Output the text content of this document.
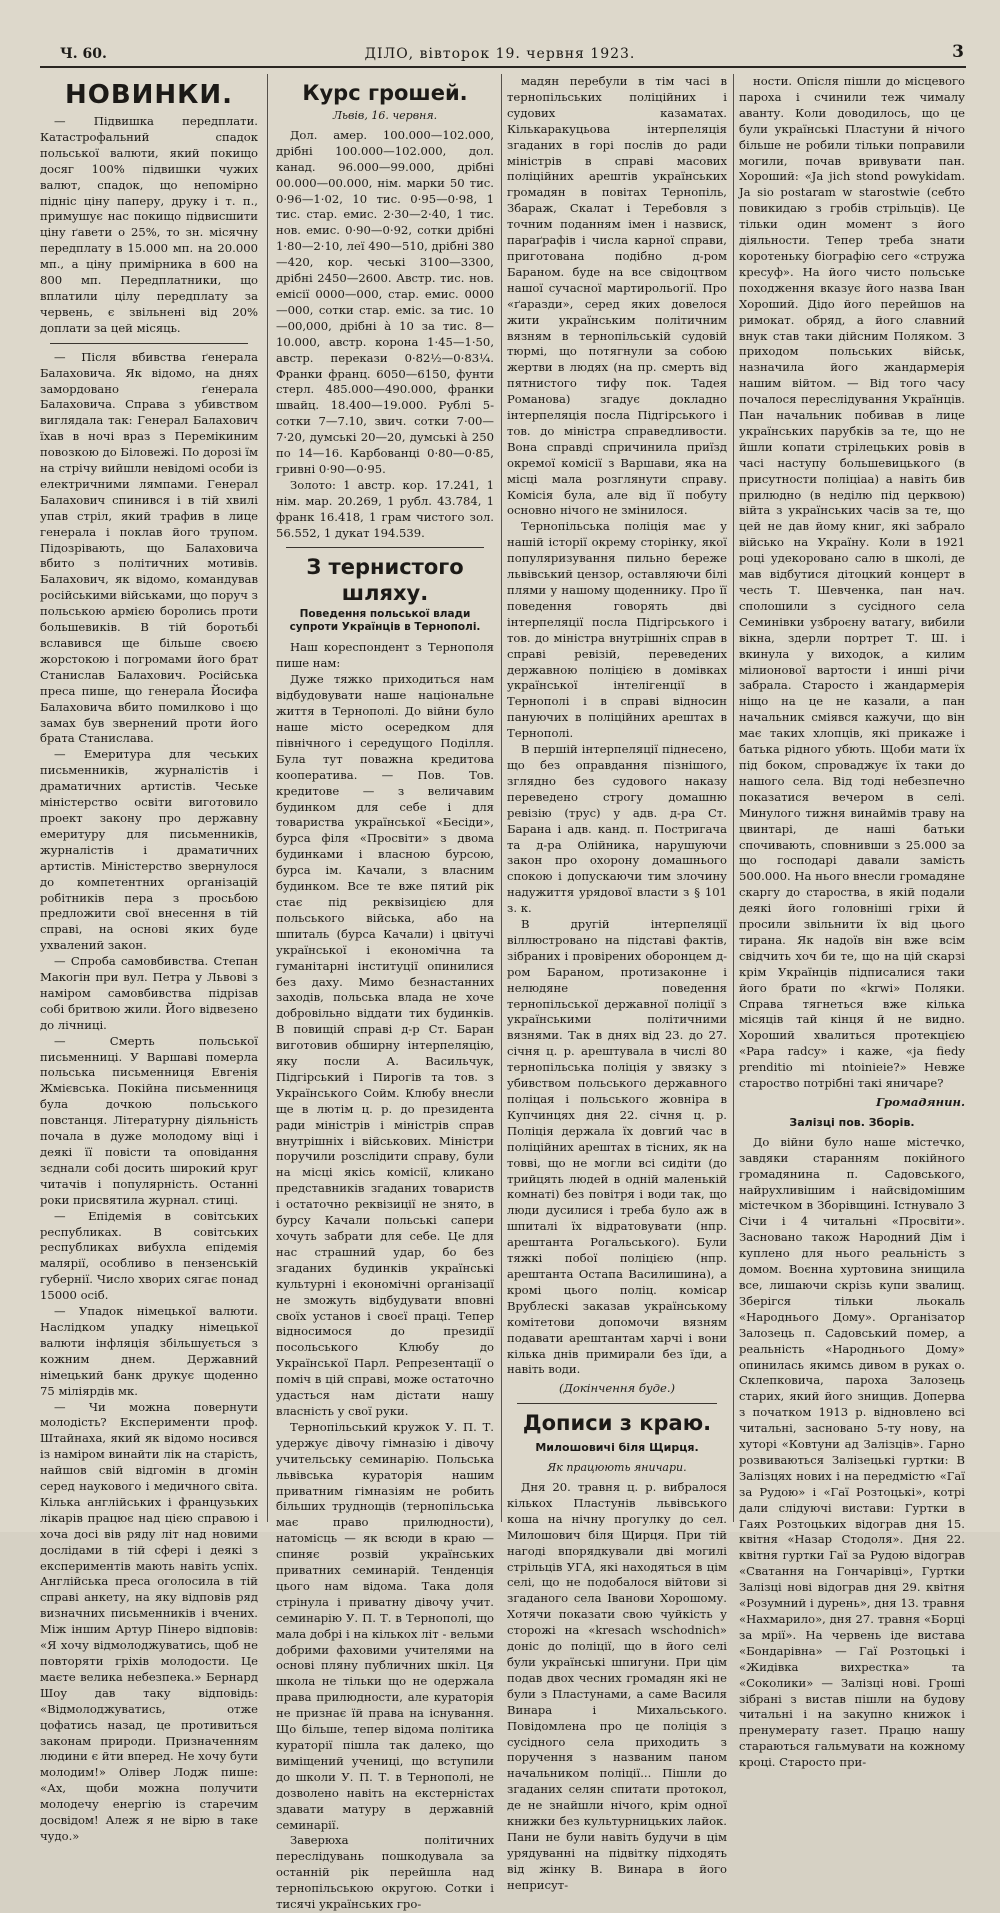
Ч. 60.	ДІЛО, вівторок 19. червня 1923.	3
НОВИНКИ.

— Підвишка передплати. Катастрофальний спадок польської валюти, який покищо досяг 100% підвишки чужих валют, спадок, що непомірно підніс ціну паперу, друку і т. п., примушує нас покищо підвисшити ціну ґавети о 25%, то зн. місячну передплату в 15.000 мп. на 20.000 мп., а ціну примірника в 600 на 800 мп. Передплатники, що вплатили цілу передплату за червень, є звільнені від 20% доплати за цей місяць.

— Після вбивства ґенерала Балаховича. Як відомо, на днях замордовано ґенерала Балаховича. Справа з убивством виглядала так: Генерал Балахович їхав в ночі враз з Перемікиним повозкою до Біловежі. По дорозі їм на стрічу вийшли невідомі особи із електричними лямпами. Генерал Балахович спинився і в тій хвилі упав стріл, який трафив в лице генерала і поклав його трупом. Підозрівають, що Балаховича вбито з політичних мотивів. Балахович, як відомо, командував російськими військами, що поруч з польською армією боролись проти большевиків. В тій боротьбі вславився ще більше своєю жорстокою і погромами його брат Станислав Балахович. Російська преса пише, що генерала Йосифа Балаховича вбито помилково і що замах був звернений проти його брата Станислава.

— Емеритура для чеських письменників, журналістів і драматичних артистів. Чеське міністерство освіти виготовило проект закону про державну емеритуру для письменників, журналістів і драматичних артистів. Міністерство звернулося до компетентних організацій робітників пера з просьбою предложити свої внесення в тій справі, на основі яких буде ухвалений закон.

— Спроба самовбивства. Степан Макогін при вул. Петра у Львові з наміром самовбивства підрізав собі бритвою жили. Його відвезено до лічниці.

— Смерть польської письменниці. У Варшаві померла польська письменниця Евгенія Жмієвська. Покійна письменниця була дочкою польського повстанця. Літературну діяльність почала в дуже молодому віці і деякі її повісти та оповідання зєднали собі досить широкий круг читачів і популярність. Останні роки присвятила журнал. стиці.

— Епідемія в совітських республиках. В совітських республиках вибухла епідемія малярії, особливо в пензенській губернії. Число хворих сягає понад 15000 осіб.

— Упадок німецької валюти. Наслідком упадку німецької валюти інфляція збільшується з кожним днем. Державний німецький банк друкує щоденно 75 міліярдів мк.

— Чи можна повернути молодість? Експерименти проф. Штайнаха, який як відомо носився із наміром винайти лік на старість, найшов свій відгомін в дгомін серед наукового і медичного світа. Кілька англійських і французьких лікарів працює над цією справою і хоча досі вів ряду літ над новими дослідами в тій сфері і деякі з експериментів мають навіть успіх. Англійська преса оголосила в тій справі анкету, на яку відповів ряд визначних письменників і вчених. Між іншим Артур Пінеро відповів: «Я хочу відмолоджуватись, щоб не повторяти гріхів молодости. Це маєте велика небезпека.» Бернард Шоу дав таку відповідь: «Відмолоджуватись, отже цофатись назад, це противиться законам природи. Призначенням людини є йти вперед. Не хочу бути молодим!» Олівер Лодж пише: «Ах, щоби можна получити молодечу енергію із старечим досвідом! Алеж я не вірю в таке чудо.»

Курс грошей.
Львів, 16. червня.

Дол. амер. 100.000—102.000, дрібні 100.000—102.000, дол. канад. 96.000—99.000, дрібні 00.000—00.000, нім. марки 50 тис. 0·96—1·02, 10 тис. 0·95—0·98, 1 тис. стар. емис. 2·30—2·40, 1 тис. нов. емис. 0·90—0·92, сотки дрібні 1·80—2·10, леї 490—510, дрібні 380—420, кор. чеські 3100—3300, дрібні 2450—2600. Австр. тис. нов. емісії 0000—000, стар. емис. 0000—000, сотки стар. еміс. за тис. 10—00,000, дрібні à 10 за тис. 8—10.000, австр. корона 1·45—1·50, австр. перекази 0·82½—0·83¼. Франки франц. 6050—6150, фунти стерл. 485.000—490.000, франки швайц. 18.400—19.000. Рублі 5-сотки 7—7.10, звич. сотки 7·00—7·20, думські 20—20, думські à 250 по 14—16. Карбованці 0·80—0·85, гривні 0·90—0·95.

Золото: 1 австр. кор. 17.241, 1 нім. мар. 20.269, 1 рубл. 43.784, 1 франк 16.418, 1 грам чистого зол. 56.552, 1 дукат 194.539.

З тернистого шляху.
Поведення польської влади супроти Українців в Тернополі.

Наш кореспондент з Тернополя пише нам:

Дуже тяжко приходиться нам відбудовувати наше національне життя в Тернополі. До війни було наше місто осередком для північного і середущого Поділля. Була тут поважна кредитова кооператива. — Пов. Тов. кредитове — з величавим будинком для себе і для товариства української «Бесіди», бурса філя «Просвіти» з двома будинками і власною бурсою, бурса ім. Качали, з власним будинком. Все те вже пятий рік стає під реквізицією для польського війська, або на шпиталь (бурса Качали) і цвітучі української і економічна та гуманітарні інституції опинилися без даху. Мимо безнастанних заходів, польська влада не хоче добровільно віддати тих будинків. В повищій справі д-р Ст. Баран виготовив обширну інтерпеляцію, яку посли А. Васильчук, Підгірський і Пирогів та тов. з Українського Сойм. Клюбу внесли ще в лютім ц. р. до президента ради міністрів і міністрів справ внутрішніх і військових. Міністри поручили розслідити справу, були на місці якісь комісії, кликано представників згаданих товариств і остаточно реквізиції не знято, в бурсу Качали польські сапери хочуть забрати для себе. Це для нас страшний удар, бо без згаданих будинків українські культурні і економічні організації не зможуть відбудувати вповні своїх установ і своєї праці. Тепер відносимося до президії посольського Клюбу до Української Парл. Репрезентації о поміч в цій справі, може остаточно удасться нам дістати нашу власність у свої руки.

Тернопільський кружок У. П. Т. удержує дівочу гімназію і дівочу учительську семинарію. Польська львівська кураторія нашим приватним гімназіям не робить більших труднощів (тернопільська має право прилюдности), натомісць — як всюди в краю — спиняє розвій українських приватних семинарій. Тенденція цього нам відома. Така доля стрінула і приватну дівочу учит. семинарію У. П. Т. в Тернополі, що мала добрі і на кількох літ - вельми добрими фаховими учителями на основі пляну публичних шкіл. Ця школа не тільки що не одержала права прилюдности, але кураторія не признає їй права на існування. Що більше, тепер відома політика кураторії пішла так далеко, що виміщений учениці, що вступили до школи У. П. Т. в Тернополі, не дозволено навіть на екстерністах здавати матуру в державній семинарії.

Заверюха політичних переслідувань пошкодувала за останній рік перейшла над тернопільською округою. Сотки і тисячі українських гро-

мадян перебули в тім часі в тернопільських поліційних і судових казаматах. Кількаракуцьова інтерпеляція згаданих в горі послів до ради міністрів в справі масових поліційних арештів українських громадян в повітах Тернопіль, Збараж, Скалат і Теребовля з точним поданням імен і назвиск, параґрафів і числа карної справи, приготована подібно д-ром Бараном. буде на все свідоцтвом нашої сучасної мартирольогії. Про «ґаразди», серед яких довелося жити українським політичним вязням в тернопільській судовій тюрмі, що потягнули за собою жертви в людях (на пр. смерть від пятнистого тифу пок. Тадея Романова) згадує докладно інтерпеляція посла Підгірського і тов. до міністра справедливости. Вона справді спричинила приїзд окремої комісії з Варшави, яка на місці мала розглянути справу. Комісія була, але від її побуту основно нічого не змінилося.

Тернопільська поліція має у нашій історії окрему сторінку, якої популяризування пильно береже львівський цензор, оставляючи білі плями у нашому щоденнику. Про її поведення говорять дві інтерпеляції посла Підгірського і тов. до міністра внутрішніх справ в справі ревізій, переведених державною поліцією в домівках української інтелігенції в Тернополі і в справі відносин пануючих в поліційних арештах в Тернополі.

В першій інтерпеляції піднесено, що без оправдання пізнішого, зглядно без судового наказу переведено строгу домашню ревізію (трус) у адв. д-ра Ст. Барана і адв. канд. п. Постригача та д-ра Олійника, нарушуючи закон про охорону домашнього спокою і допускаючи тим злочину надужиття урядової власти з § 101 з. к.

В другій інтерпеляції віллюстровано на підставі фактів, зібраних і провірених оборонцем д-ром Бараном, протизаконне і нелюдяне поведення тернопільської державної поліції з українськими політичними вязнями. Так в днях від 23. до 27. січня ц. р. арештувала в числі 80 тернопільська поліція у звязку з убивством польського державного поліцая і польського жовніра в Купчинцях дня 22. січня ц. р. Поліція держала їх довгий час в поліційних арештах в тісних, як на товві, що не могли всі сидіти (до трийцять людей в одній маленькій комнаті) без повітря і води так, що люди дусилися і треба було аж в шпиталі їх відратовувати (нпр. арештанта Рогальського). Були тяжкі побої поліцією (нпр. арештанта Остапа Василишина), а кромі цього поліц. комісар Врублескі заказав українському комітетови допомочи вязням подавати арештантам харчі і вони кілька днів примирали без їди, а навіть води.

(Докінчення буде.)
Дописи з краю.
Милошовичі біля Щирця.
Як працюють яничари.

Дня 20. травня ц. р. вибралося кількох Пластунів львівського коша на нічну прогулку до сел. Милошович біля Щирця. При тій нагоді впорядкували дві могилі стрільців УГА, які находяться в цім селі, що не подобалося війтови зі згаданого села Іванови Хорошому. Хотячи показати свою чуйкість у сторожі на «kresach wschodnich» доніс до поліції, що в його селі були українські шпигуни. При цім подав двох чесних громадян які не були з Пластунами, а саме Василя Винара і Михальського. Повідомлена про це поліція з сусідного села приходить з поручення з названим паном начальником поліції... Пішли до згаданих селян спитати протокол, де не знайшли нічого, крім одної книжки без культурницьких лайок. Пани не були навіть будучи в цім урядуванні на підвітку підходять від жінку В. Винара в його неприсут-

ности. Опісля пішли до місцевого пароха і счинили теж чималу аванту. Коли доводилось, що це були українські Пластуни й нічого більше не робили тільки поправили могили, почав вривувати пан. Хороший: «Ja jich stond powykidam. Ja sio postaram w starostwie (себто повикидаю з гробів стрільців). Це тільки один момент з його діяльности. Тепер треба знати коротеньку біографію сего «стружа кресуф». На його чисто польське походження вказує його назва Іван Хороший. Дідо його перейшов на римокат. обряд, а його славний внук став таки дійсним Поляком. З приходом польських військ, назначила його жандармерія нашим війтом. — Від того часу почалося переслідування Українців. Пан начальник побивав в лице українських парубків за те, що не йшли копати стрілецьких ровів в часі наступу большевицького (в присутности поліціаа) а навіть бив прилюдно (в неділю під церквою) війта з українських часів за те, що цей не дав йому книг, які забрало військо на Україну. Коли в 1921 році удекоровано салю в школі, де мав відбутися дітоцкий концерт в честь Т. Шевченка, пан нач. сполошили з сусідного села Семинівки узброєну ватагу, вибили вікна, здерли портрет Т. Ш. і вкинула у виходок, а килим мілионової вартости і инші річи забрала. Старосто і жандармерія ніщо на це не казали, а пан начальник сміявся кажучи, що він має таких хлопців, які прикаже і батька рідного убють. Щоби мати їх під боком, спроваджує їх таки до нашого села. Від тоді небезпечно показатися вечером в селі. Минулого тижня винаймів траву на цвинтарі, де наші батьки спочивають, сповнивши з 25.000 за що господарі давали замість 500.000. На нього внесли громадяне скаргу до староства, в якій подали деякі його головніші гріхи й просили звільнити їх від цього тирана. Як надоїв він вже всім свідчить хоч би те, що на цій скарзі крім Українців підписалися таки його брати по «krwi» Поляки. Справа тягнеться вже кілька місяців тай кінця й не видно. Хороший хвалиться протекцією «Papa radcy» і каже, «ja fiedy prenditio mi ntoinieie?» Невже староство потрібні такі яничаре?

Громадянин.
Залізці пов. Зборів.

До війни було наше містечко, завдяки старанням покійного громадянина п. Садовського, найрухливішим і найсвідомішим містечком в Зборівщині. Істнувало 3 Січи і 4 читальні «Просвіти». Засновано також Народний Дім і куплено для нього реальність з домом. Воєнна хуртовина знищила все, лишаючи скрізь купи звалищ. Зберігся тільки льокаль «Народнього Дому». Організатор Залозець п. Садовський помер, а реальність «Народнього Дому» опинилась якимсь дивом в руках о. Склепковича, пароха Залозець старих, який його знищив. Доперва з початком 1913 р. відновлено всі читальні, засновано 5-ту нову, на хуторі «Ковтуни ад Залізців». Гарно розвиваються Залізецькі гуртки: В Залізцях нових і на передмістю «Гаї за Рудою» і «Гаї Розтоцькі», котрі дали слідуючі вистави: Гуртки в Гаях Розтоцьких відограв дня 15. квітня «Назар Стодоля». Дня 22. квітня гуртки Гаї за Рудою відограв «Сватання на Гончарівці», Гуртки Залізці нові відограв дня 29. квітня «Розумний і дурень», дня 13. травня «Нахмарило», дня 27. травня «Борці за мрії». На червень іде вистава «Бондарівна» — Гаї Розтоцькі і «Жидівка вихрестка» та «Соколики» — Залізці нові. Гроші зібрані з вистав пішли на будову читальні і на закупно книжок і пренумерату газет. Працю нашу стараються гальмувати на кожному кроці. Старосто при-
